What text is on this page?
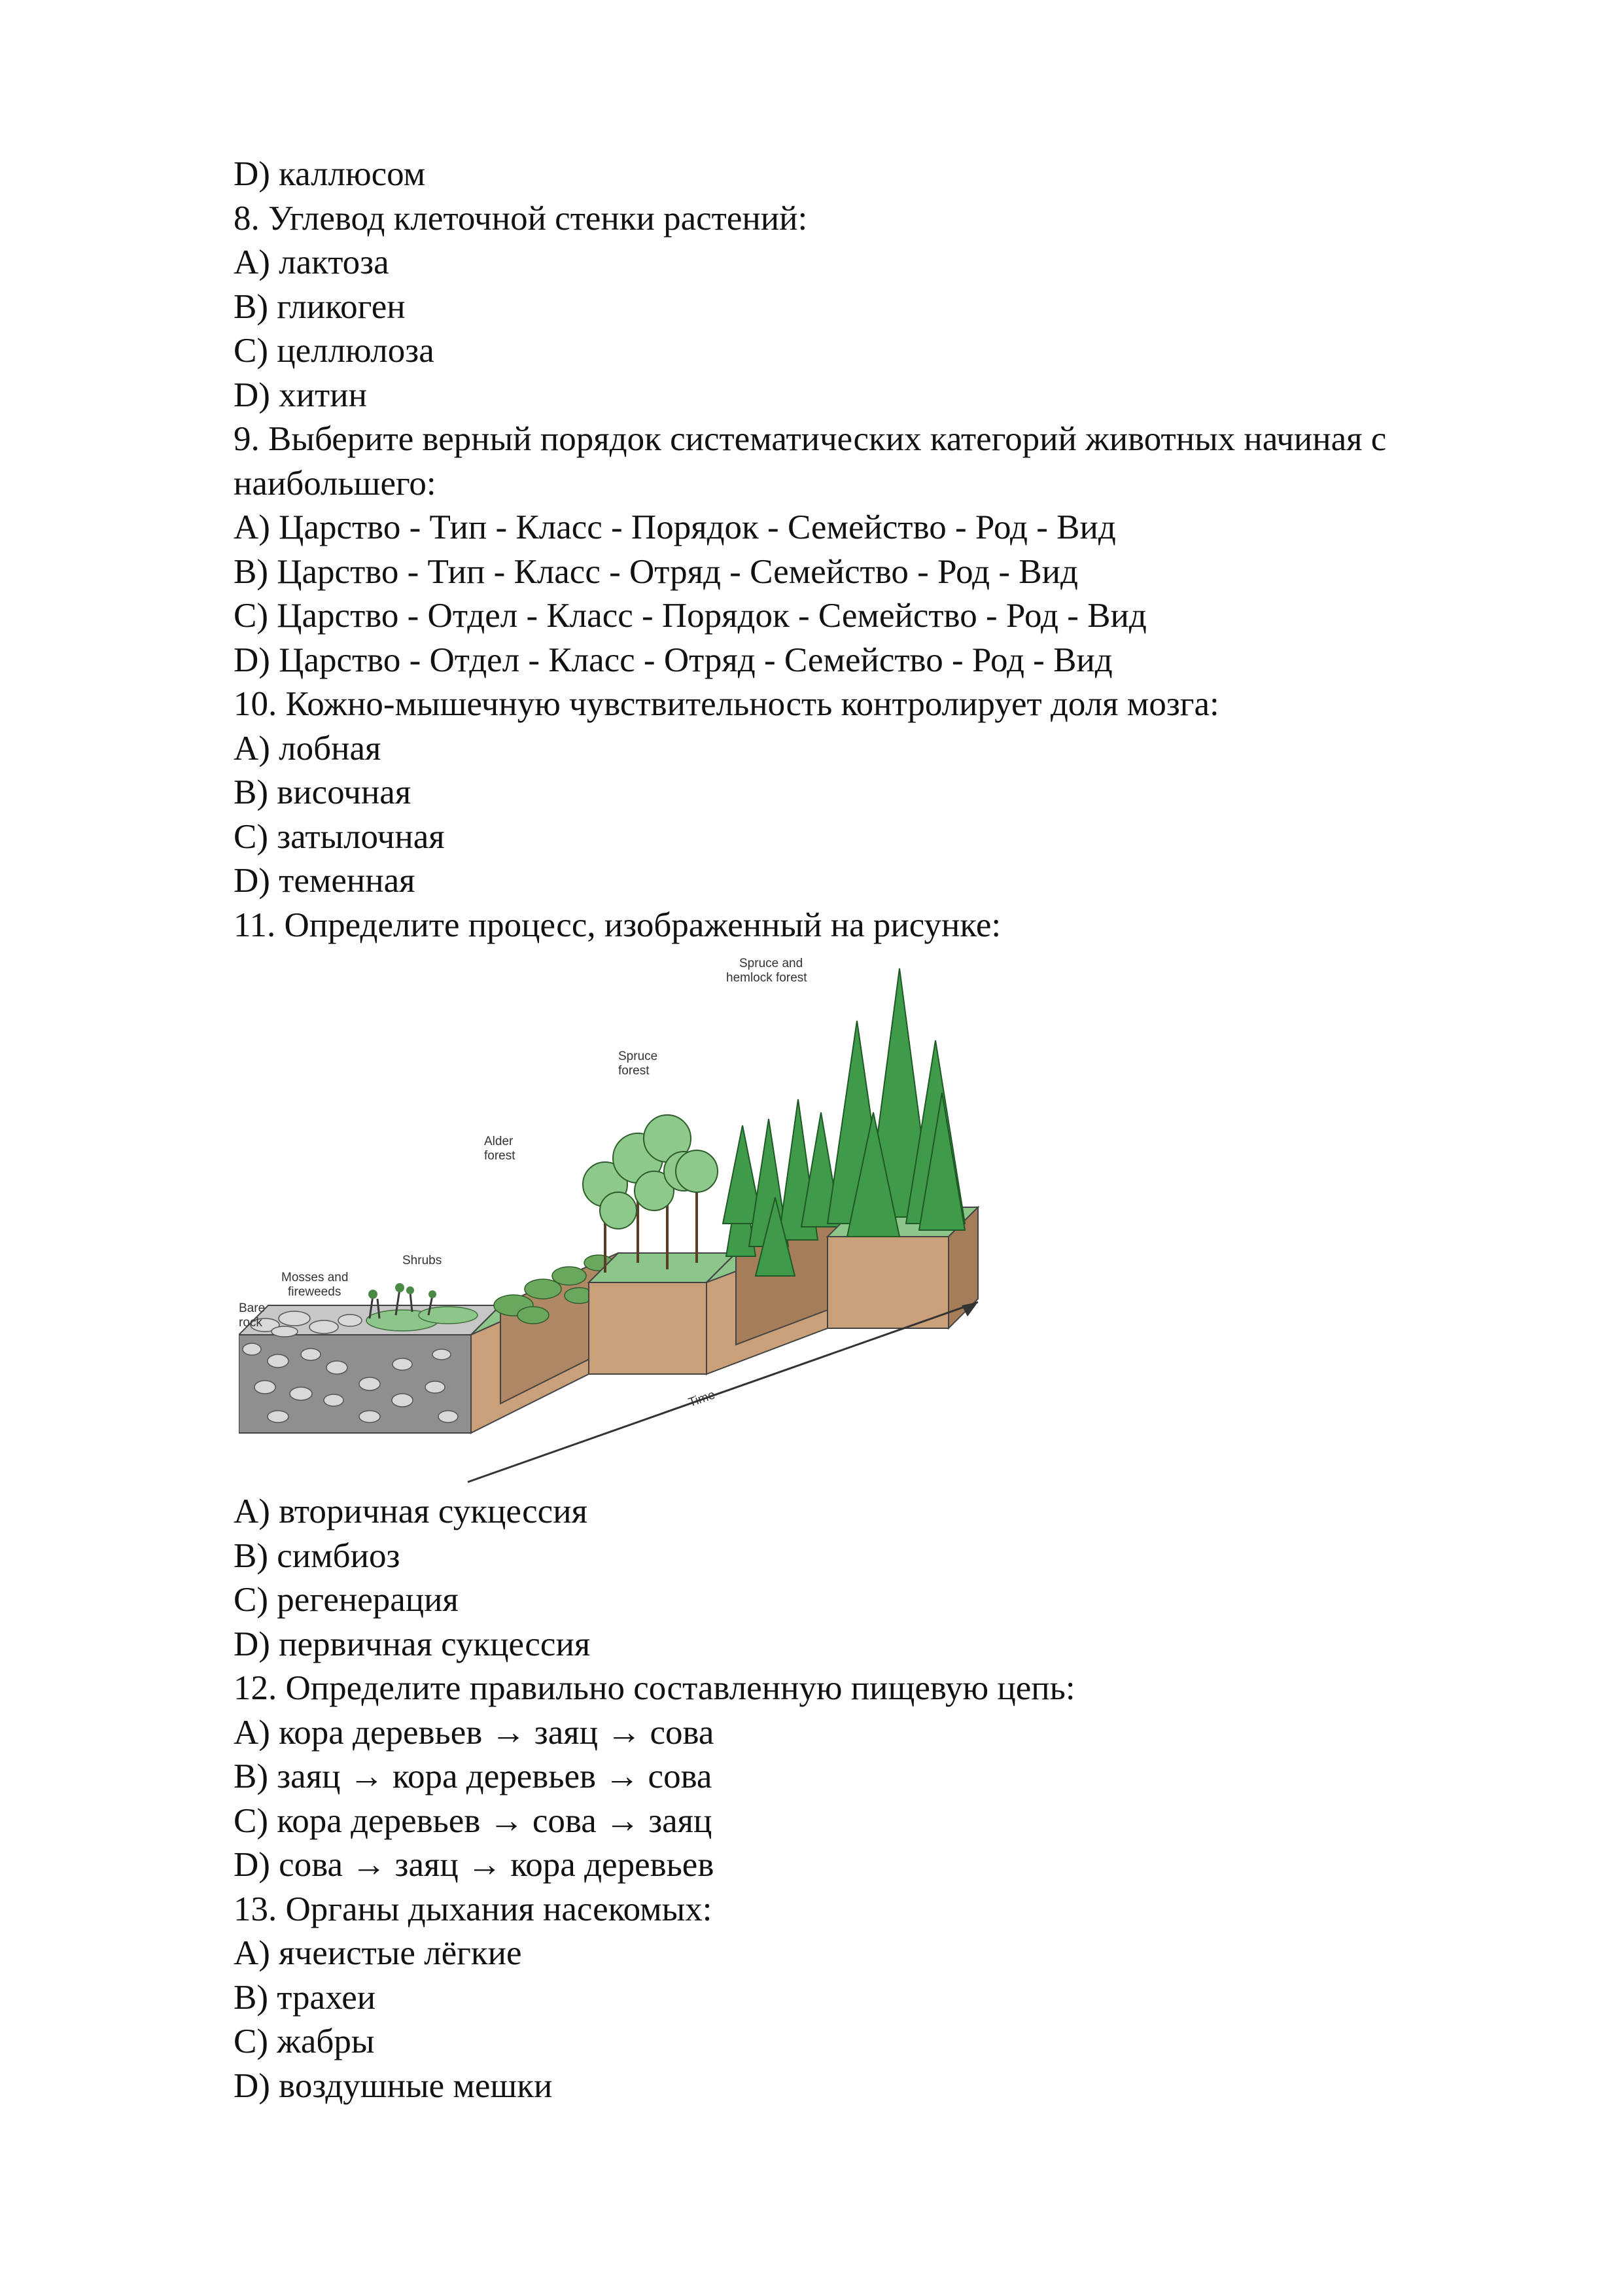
D) каллюсом
8. Углевод клеточной стенки растений:
A) лактоза
B) гликоген
C) целлюлоза
D) хитин
9. Выберите верный порядок систематических категорий животных начиная с наибольшего:
A) Царство - Тип - Класс - Порядок - Семейство - Род - Вид
B) Царство - Тип - Класс - Отряд - Семейство - Род - Вид
C) Царство - Отдел - Класс - Порядок - Семейство - Род - Вид
D) Царство - Отдел - Класс - Отряд - Семейство - Род - Вид
10. Кожно-мышечную чувствительность контролирует доля мозга:
A) лобная
B) височная
C) затылочная
D) теменная
11. Определите процесс, изображенный на рисунке:
Bare
rock
Mosses and
fireweeds
Shrubs
Alder
forest
Spruce
forest
Spruce and
hemlock forest
Time
A) вторичная сукцессия
B) симбиоз
C) регенерация
D) первичная сукцессия
12. Определите правильно составленную пищевую цепь:
A) кора деревьев → заяц → сова
B) заяц → кора деревьев → сова
C) кора деревьев → сова → заяц
D) сова → заяц → кора деревьев
13. Органы дыхания насекомых:
A) ячеистые лёгкие
B) трахеи
C) жабры
D) воздушные мешки
